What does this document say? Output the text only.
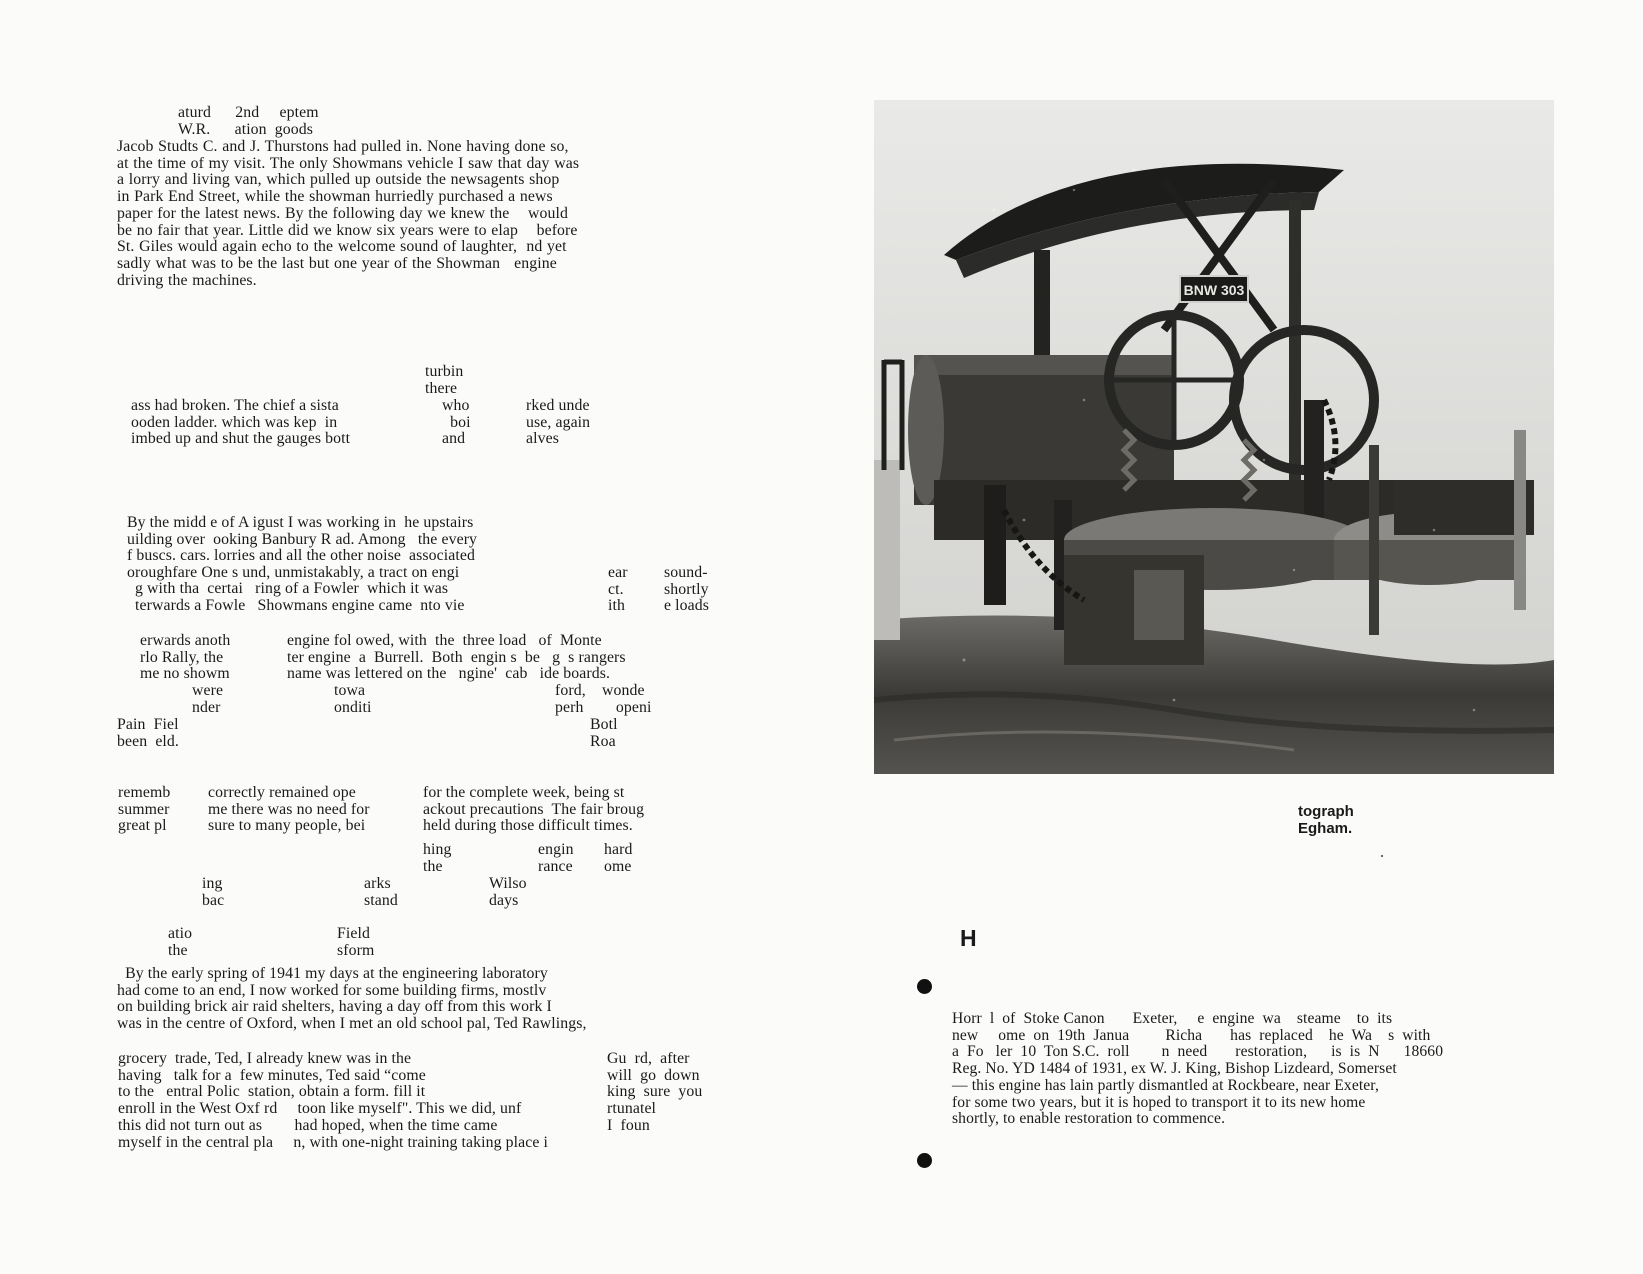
aturd      2nd     eptem
W.R.      ation  goods
Jacob Studts C. and J. Thurstons had pulled in. None having done so,
at the time of my visit. The only Showmans vehicle I saw that day was
a lorry and living van, which pulled up outside the newsagents shop
in Park End Street, while the showman hurriedly purchased a news
paper for the latest news. By the following day we knew the    would
be no fair that year. Little did we know six years were to elap    before
St. Giles would again echo to the welcome sound of laughter,  nd yet
sadly what was to be the last but one year of the Showman   engine
driving the machines.
turbin
there
ass had broken. The chief a sista
ooden ladder. which was kep  in
imbed up and shut the gauges bott
who
boi
and
rked unde
use, again
alves
By the midd e of A igust I was working in  he upstairs
uilding over  ooking Banbury R ad. Among   the every
f buscs. cars. lorries and all the other noise  associated
oroughfare One s und, unmistakably, a tract on engi
g with tha  certai   ring of a Fowler  which it was
terwards a Fowle   Showmans engine came  nto vie
ear
ct.
ith
sound-
shortly
e loads
erwards anoth
rlo Rally, the
me no showm
engine fol owed, with  the  three load   of  Monte
ter engine  a  Burrell.  Both  engin s  be   g  s rangers
name was lettered on the   ngine'  cab   ide boards.
were
nder
towa
onditi
ford,    wonde
perh        openi
Pain  Fiel
been  eld.
Botl
Roa
rememb
summer
great pl
correctly remained ope
me there was no need for
sure to many people, bei
for the complete week, being st
ackout precautions  The fair broug
held during those difficult times.
hing
the
engin
rance
hard
ome
ing
bac
arks
stand
Wilso
days
atio
the
Field
sform
By the early spring of 1941 my days at the engineering laboratory
had come to an end, I now worked for some building firms, mostlv
on building brick air raid shelters, having a day off from this work I
was in the centre of Oxford, when I met an old school pal, Ted Rawlings,
grocery  trade, Ted, I already knew was in the
having   talk for a  few minutes, Ted said “come
to the   entral Polic  station, obtain a form. fill it
enroll in the West Oxf rd     toon like myself". This we did, unf
this did not turn out as        had hoped, when the time came
myself in the central pla     n, with one-night training taking place i
Gu  rd,  after
will  go  down
king  sure  you
rtunatel
I  foun
BNW 303
tograph
Egham.
H
Horr  l  of  Stoke Canon       Exeter,     e  engine  wa    steame    to  its
new     ome  on  19th  Janua         Richa       has  replaced    he  Wa    s  with
a  Fo   ler  10  Ton S.C.  roll        n  need       restoration,      is  is  N      18660
Reg. No. YD 1484 of 1931, ex W. J. King, Bishop Lizdeard, Somerset
— this engine has lain partly dismantled at Rockbeare, near Exeter,
for some two years, but it is hoped to transport it to its new home
shortly, to enable restoration to commence.
